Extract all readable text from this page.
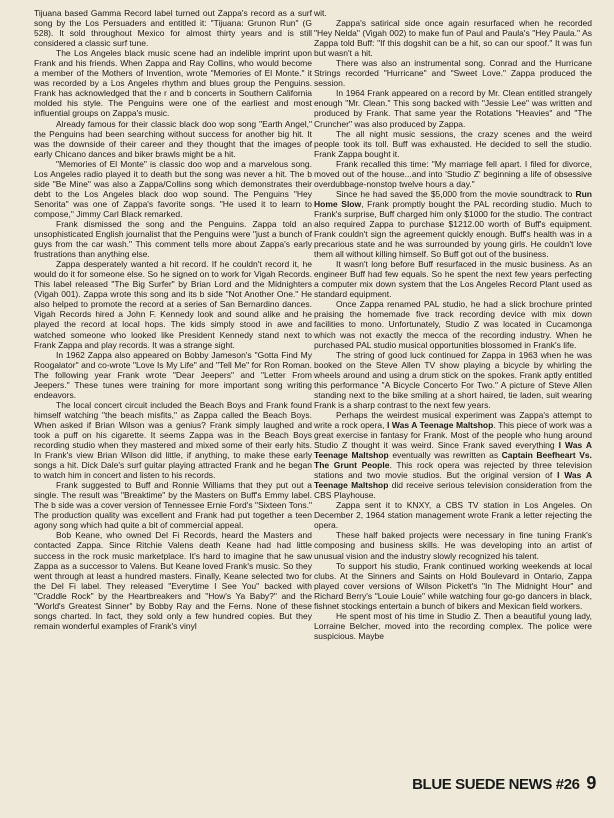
Tijuana based Gamma Record label turned out Zappa's record as a surf song by the Los Persuaders and entitled it: "Tijuana: Grunon Run" (G 528). It sold throughout Mexico for almost thirty years and is still considered a classic surf tune.

The Los Angeles black music scene had an indelible imprint upon Frank and his friends. When Zappa and Ray Collins, who would become a member of the Mothers of Invention, wrote "Memories of El Monte." it was recorded by a Los Angeles rhythm and blues group the Penguins. Frank has acknowledged that the r and b concerts in Southern California molded his style. The Penguins were one of the earliest and most influential groups on Zappa's music.

Already famous for their classic black doo wop song "Earth Angel," the Penguins had been searching without success for another big hit. It was the downside of their career and they thought that the images of early Chicano dances and biker brawls might be a hit.

"Memories of El Monte" is classic doo wop and a marvelous song. Los Angeles radio played it to death but the song was never a hit. The b side "Be Mine" was also a Zappa/Collins song which demonstrates their debt to the Los Angeles black doo wop sound. The Penguins "Hey Senorita" was one of Zappa's favorite songs. "He used it to learn to compose," Jimmy Carl Black remarked.

Frank dismissed the song and the Penguins. Zappa told an unsophisticated English journalist that the Penguins were "just a bunch of guys from the car wash." This comment tells more about Zappa's early frustrations than anything else.

Zappa desperately wanted a hit record. If he couldn't record it, he would do it for someone else. So he signed on to work for Vigah Records. This label released "The Big Surfer" by Brian Lord and the Midnighters (Vigah 001). Zappa wrote this song and its b side "Not Another One." He also helped to promote the record at a series of San Bernardino dances. Vigah Records hired a John F. Kennedy look and sound alike and he played the record at local hops. The kids simply stood in awe and watched someone who looked like President Kennedy stand next to Frank Zappa and play records. It was a strange sight.

In 1962 Zappa also appeared on Bobby Jameson's "Gotta Find My Roogalator" and co-wrote "Love Is My Life" and "Tell Me" for Ron Roman. The following year Frank wrote "Dear Jeepers" and "Letter From Jeepers." These tunes were training for more important song writing endeavors.

The local concert circuit included the Beach Boys and Frank found himself watching "the beach misfits," as Zappa called the Beach Boys. When asked if Brian Wilson was a genius? Frank simply laughed and took a puff on his cigarette. It seems Zappa was in the Beach Boys recording studio when they mastered and mixed some of their early hits. In Frank's view Brian Wilson did little, if anything, to make these early songs a hit. Dick Dale's surf guitar playing attracted Frank and he began to watch him in concert and listen to his records.

Frank suggested to Buff and Ronnie Williams that they put out a single. The result was "Breaktime" by the Masters on Buff's Emmy label. The b side was a cover version of Tennessee Ernie Ford's "Sixteen Tons." The production quality was excellent and Frank had put together a teen agony song which had quite a bit of commercial appeal.

Bob Keane, who owned Del Fi Records, heard the Masters and contacted Zappa. Since Ritchie Valens death Keane had had little success in the rock music marketplace. It's hard to imagine that he saw Zappa as a successor to Valens. But Keane loved Frank's music. So they went through at least a hundred masters. Finally, Keane selected two for the Del Fi label. They released "Everytime I See You" backed with "Craddle Rock" by the Heartbreakers and "How's Ya Baby?" and the "World's Greatest Sinner" by Bobby Ray and the Ferns. None of these songs charted. In fact, they sold only a few hundred copies. But they remain wonderful examples of Frank's vinyl

wit.

Zappa's satirical side once again resurfaced when he recorded "Hey Nelda" (Vigah 002) to make fun of Paul and Paula's "Hey Paula." As Zappa told Buff: "If this dogshit can be a hit, so can our spoof." It was fun but wasn't a hit.

There was also an instrumental song. Conrad and the Hurricane Strings recorded "Hurricane" and "Sweet Love." Zappa produced the session.

In 1964 Frank appeared on a record by Mr. Clean entitled strangely enough "Mr. Clean." This song backed with "Jessie Lee" was written and produced by Frank. That same year the Rotations "Heavies" and "The Cruncher" was also produced by Zappa.

The all night music sessions, the crazy scenes and the weird people took its toll. Buff was exhausted. He decided to sell the studio. Frank Zappa bought it.

Frank recalled this time: "My marriage fell apart. I filed for divorce, moved out of the house...and into 'Studio Z' beginning a life of obsessive overdubbage-nonstop twelve hours a day."

Since he had saved the $5,000 from the movie soundtrack to Run Home Slow, Frank promptly bought the PAL recording studio. Much to Frank's surprise, Buff charged him only $1000 for the studio. The contract also required Zappa to purchase $1212.00 worth of Buff's equipment. Frank couldn't sign the agreement quickly enough. Buff's health was in a precarious state and he was surrounded by young girls. He couldn't love them all without killing himself. So Buff got out of the business.

It wasn't long before Buff resurfaced in the music business. As an engineer Buff had few equals. So he spent the next few years perfecting a computer mix down system that the Los Angeles Record Plant used as standard equipment.

Once Zappa renamed PAL studio, he had a slick brochure printed praising the homemade five track recording device with mix down facilities to mono. Unfortunately, Studio Z was located in Cucamonga which was not exactly the mecca of the recording industry. When he purchased PAL studio musical opportunities blossomed in Frank's life.

The string of good luck continued for Zappa in 1963 when he was booked on the Steve Allen TV show playing a bicycle by whirling the wheels around and using a drum stick on the spokes. Frank aptly entitled this performance "A Bicycle Concerto For Two." A picture of Steve Allen standing next to the bike smiling at a short haired, tie laden, suit wearing Frank is a sharp contrast to the next few years.

Perhaps the weirdest musical experiment was Zappa's attempt to write a rock opera, I Was A Teenage Maltshop. This piece of work was a great exercise in fantasy for Frank. Most of the people who hung around Studio Z thought it was weird. Since Frank saved everything I Was A Teenage Maltshop eventually was rewritten as Captain Beefheart Vs. The Grunt People. This rock opera was rejected by three television stations and two movie studios. But the original version of I Was A Teenage Maltshop did receive serious television consideration from the CBS Playhouse.

Zappa sent it to KNXY, a CBS TV station in Los Angeles. On December 2, 1964 station management wrote Frank a letter rejecting the opera.

These half baked projects were necessary in fine tuning Frank's composing and business skills. He was developing into an artist of unusual vision and the industry slowly recognized his talent.

To support his studio, Frank continued working weekends at local clubs. At the Sinners and Saints on Hold Boulevard in Ontario, Zappa played cover versions of Wilson Pickett's "In The Midnight Hour" and Richard Berry's "Louie Louie" while watching four go-go dancers in black, fishnet stockings entertain a bunch of bikers and Mexican field workers.

He spent most of his time in Studio Z. Then a beautiful young lady, Lorraine Belcher, moved into the recording complex. The police were suspicious. Maybe

BLUE SUEDE NEWS #26 9
